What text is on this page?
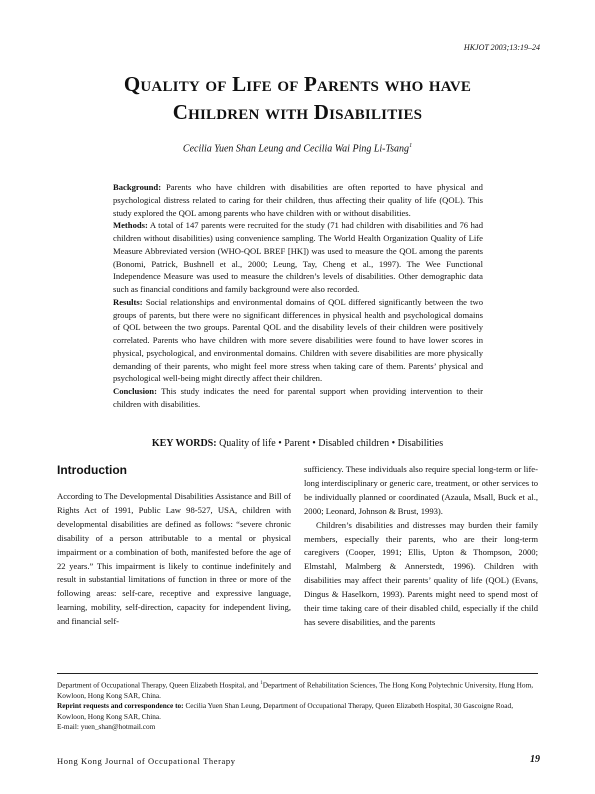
HKJOT 2003;13:19–24
Quality of Life of Parents who have
Children with Disabilities
Cecilia Yuen Shan Leung and Cecilia Wai Ping Li-Tsang$^1$

Background: Parents who have children with disabilities are often reported to have physical and psychological distress related to caring for their children, thus affecting their quality of life (QOL). This study explored the QOL among parents who have children with or without disabilities.

Methods: A total of 147 parents were recruited for the study (71 had children with disabilities and 76 had children without disabilities) using convenience sampling. The World Health Organization Quality of Life Measure Abbreviated version (WHO-QOL BREF [HK]) was used to measure the QOL among the parents (Bonomi, Patrick, Bushnell et al., 2000; Leung, Tay, Cheng et al., 1997). The Wee Functional Independence Measure was used to measure the children’s levels of disabilities. Other demographic data such as financial conditions and family background were also recorded.

Results: Social relationships and environmental domains of QOL differed significantly between the two groups of parents, but there were no significant differences in physical health and psychological domains of QOL between the two groups. Parental QOL and the disability levels of their children were positively correlated. Parents who have children with more severe disabilities were found to have lower scores in physical, psychological, and environmental domains. Children with severe disabilities are more physically demanding of their parents, who might feel more stress when taking care of them. Parents’ physical and psychological well-being might directly affect their children.

Conclusion: This study indicates the need for parental support when providing intervention to their children with disabilities.

KEY WORDS: Quality of life • Parent • Disabled children • Disabilities
Introduction

According to The Developmental Disabilities Assistance and Bill of Rights Act of 1991, Public Law 98-527, USA, children with developmental disabilities are defined as follows: “severe chronic disability of a person attributable to a mental or physical impairment or a combination of both, manifested before the age of 22 years.” This impairment is likely to continue indefinitely and result in substantial limitations of function in three or more of the following areas: self-care, receptive and expressive language, learning, mobility, self-direction, capacity for independent living, and financial self-

sufficiency. These individuals also require special long-term or life-long interdisciplinary or generic care, treatment, or other services to be individually planned or coordinated (Azaula, Msall, Buck et al., 2000; Leonard, Johnson & Brust, 1993).

Children’s disabilities and distresses may burden their family members, especially their parents, who are their long-term caregivers (Cooper, 1991; Ellis, Upton & Thompson, 2000; Elmstahl, Malmberg & Annerstedt, 1996). Children with disabilities may affect their parents’ quality of life (QOL) (Evans, Dingus & Haselkorn, 1993). Parents might need to spend most of their time taking care of their disabled child, especially if the child has severe disabilities, and the parents

Department of Occupational Therapy, Queen Elizabeth Hospital, and $^1$Department of Rehabilitation Sciences, The Hong Kong Polytechnic University, Hung Hom, Kowloon, Hong Kong SAR, China.

Reprint requests and correspondence to: Cecilia Yuen Shan Leung, Department of Occupational Therapy, Queen Elizabeth Hospital, 30 Gascoigne Road, Kowloon, Hong Kong SAR, China.

E-mail: yuen_shan@hotmail.com

Hong Kong Journal of Occupational Therapy	19
